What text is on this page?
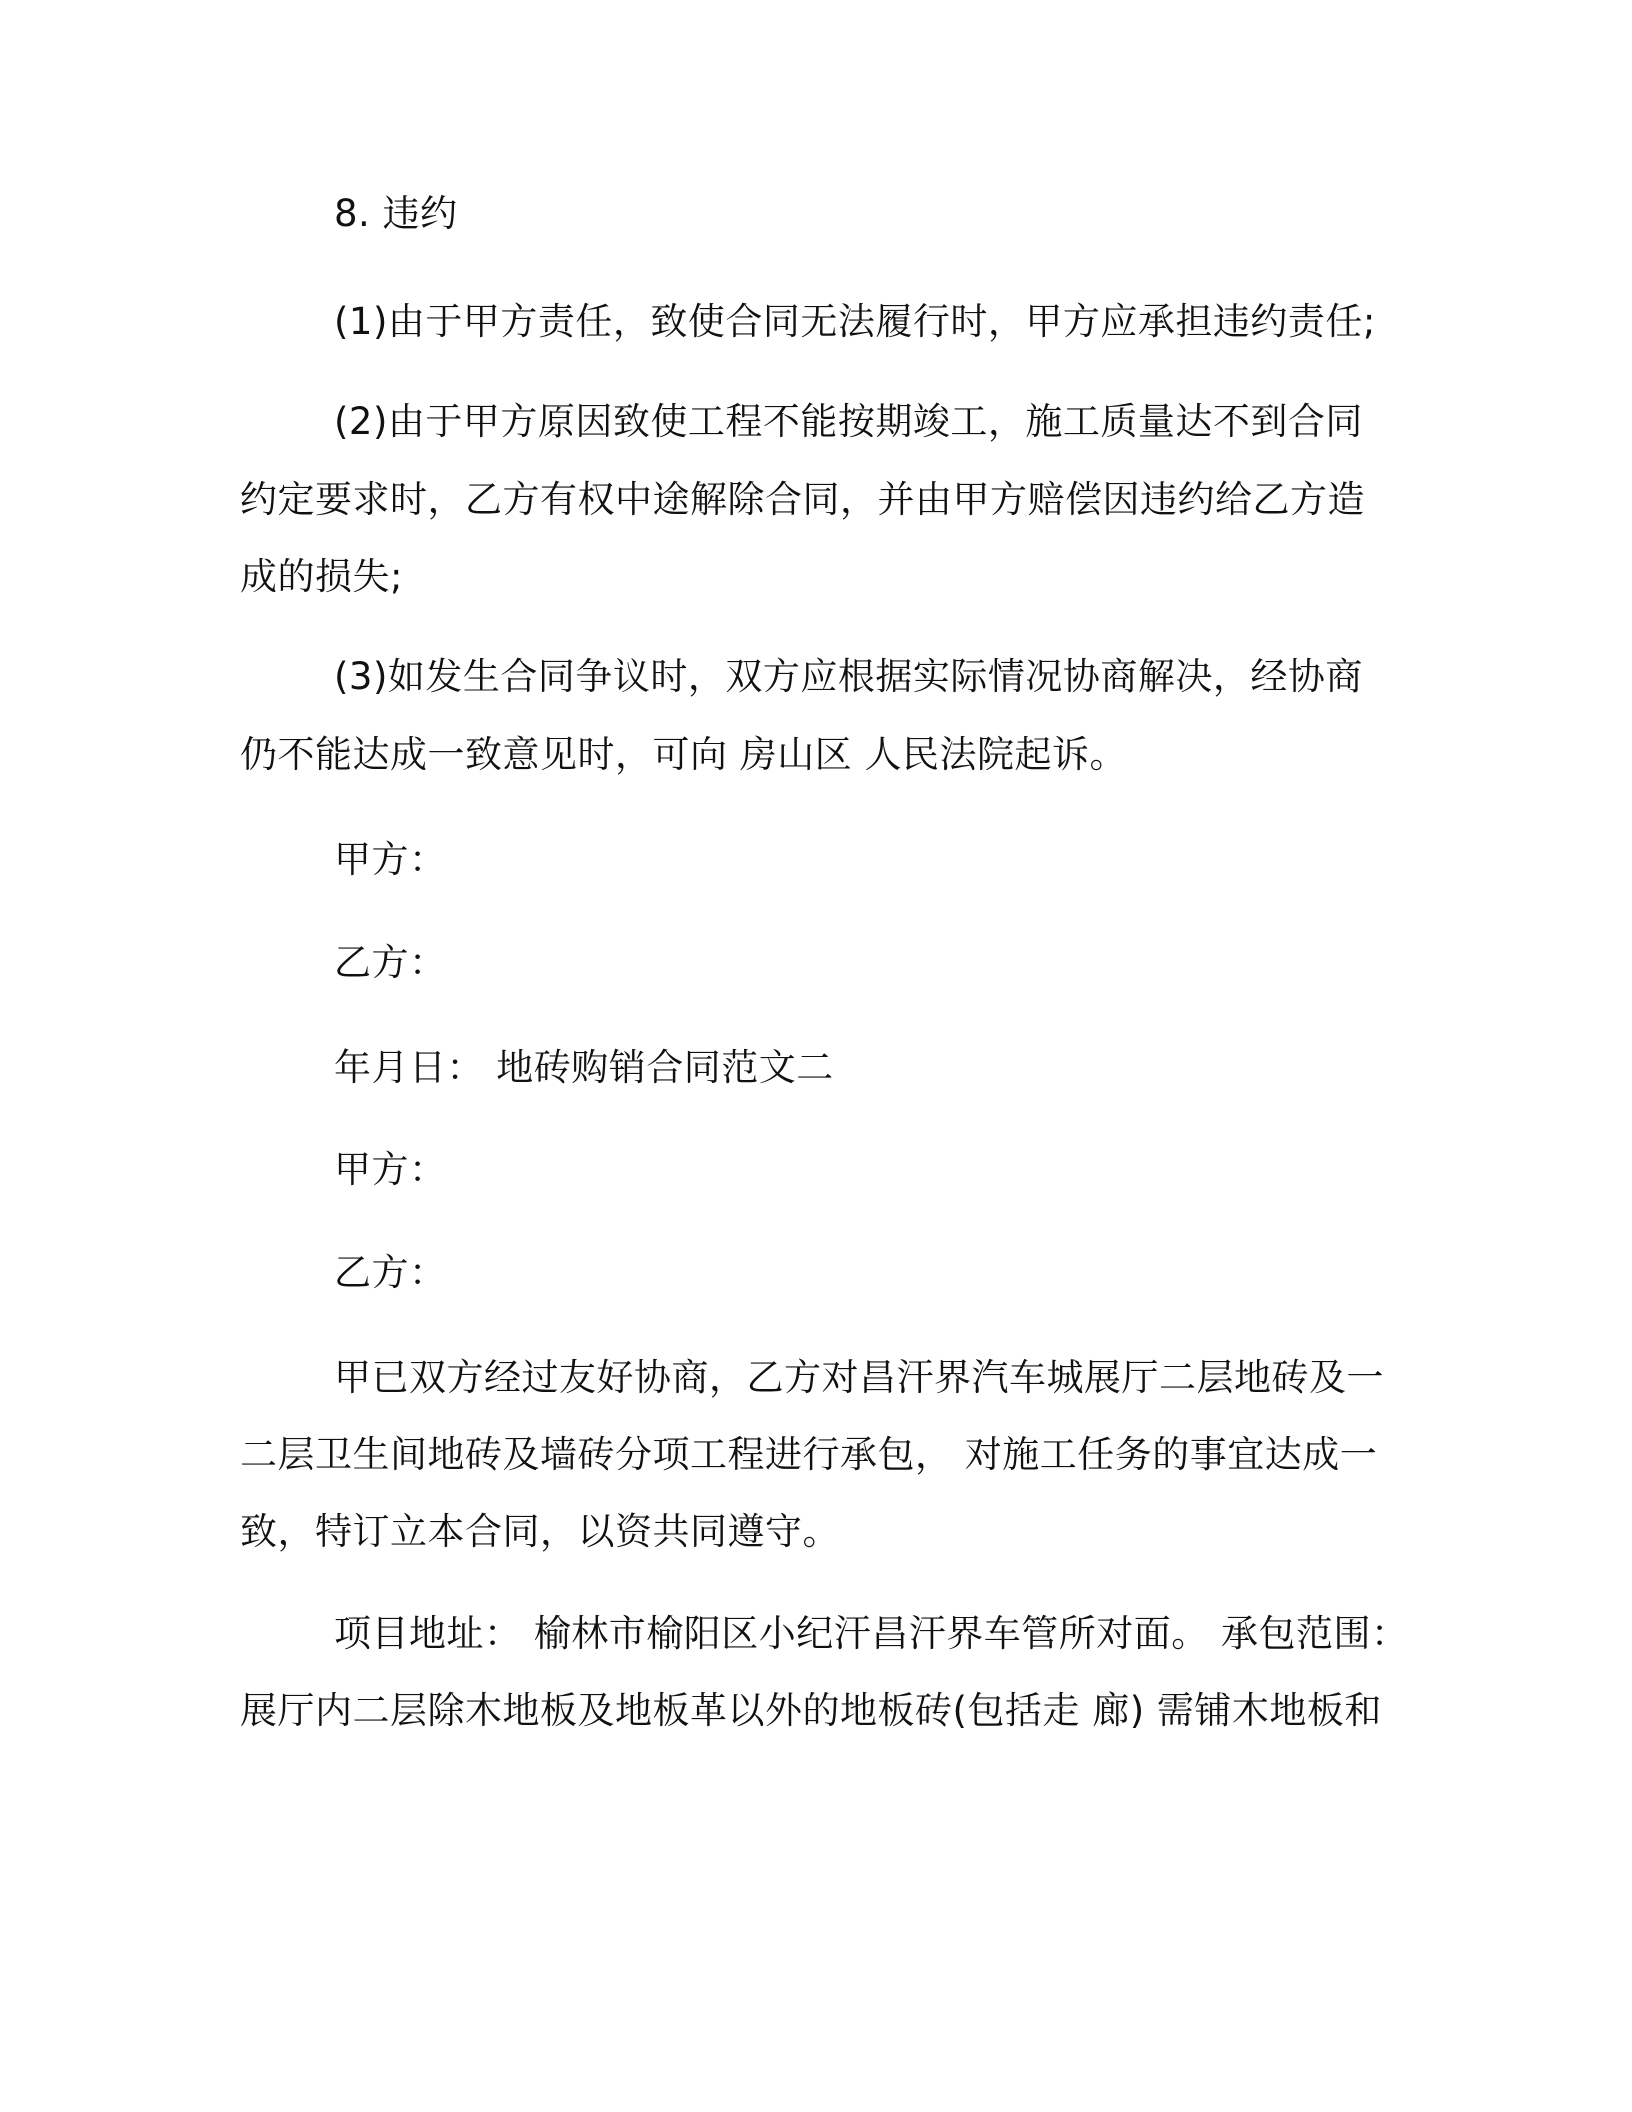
8. 违约
(1)由于甲方责任，致使合同无法履行时，甲方应承担违约责任;
(2)由于甲方原因致使工程不能按期竣工，施工质量达不到合同
约定要求时，乙方有权中途解除合同，并由甲方赔偿因违约给乙方造
成的损失;
(3)如发生合同争议时，双方应根据实际情况协商解决，经协商
仍不能达成一致意见时，可向 房山区 人民法院起诉。
甲方：
乙方：
年月日： 地砖购销合同范文二
甲方：
乙方：
甲已双方经过友好协商，乙方对昌汗界汽车城展厅二层地砖及一
二层卫生间地砖及墙砖分项工程进行承包， 对施工任务的事宜达成一
致，特订立本合同，以资共同遵守。
项目地址： 榆林市榆阳区小纪汗昌汗界车管所对面。 承包范围：
展厅内二层除木地板及地板革以外的地板砖(包括走 廊) 需铺木地板和
